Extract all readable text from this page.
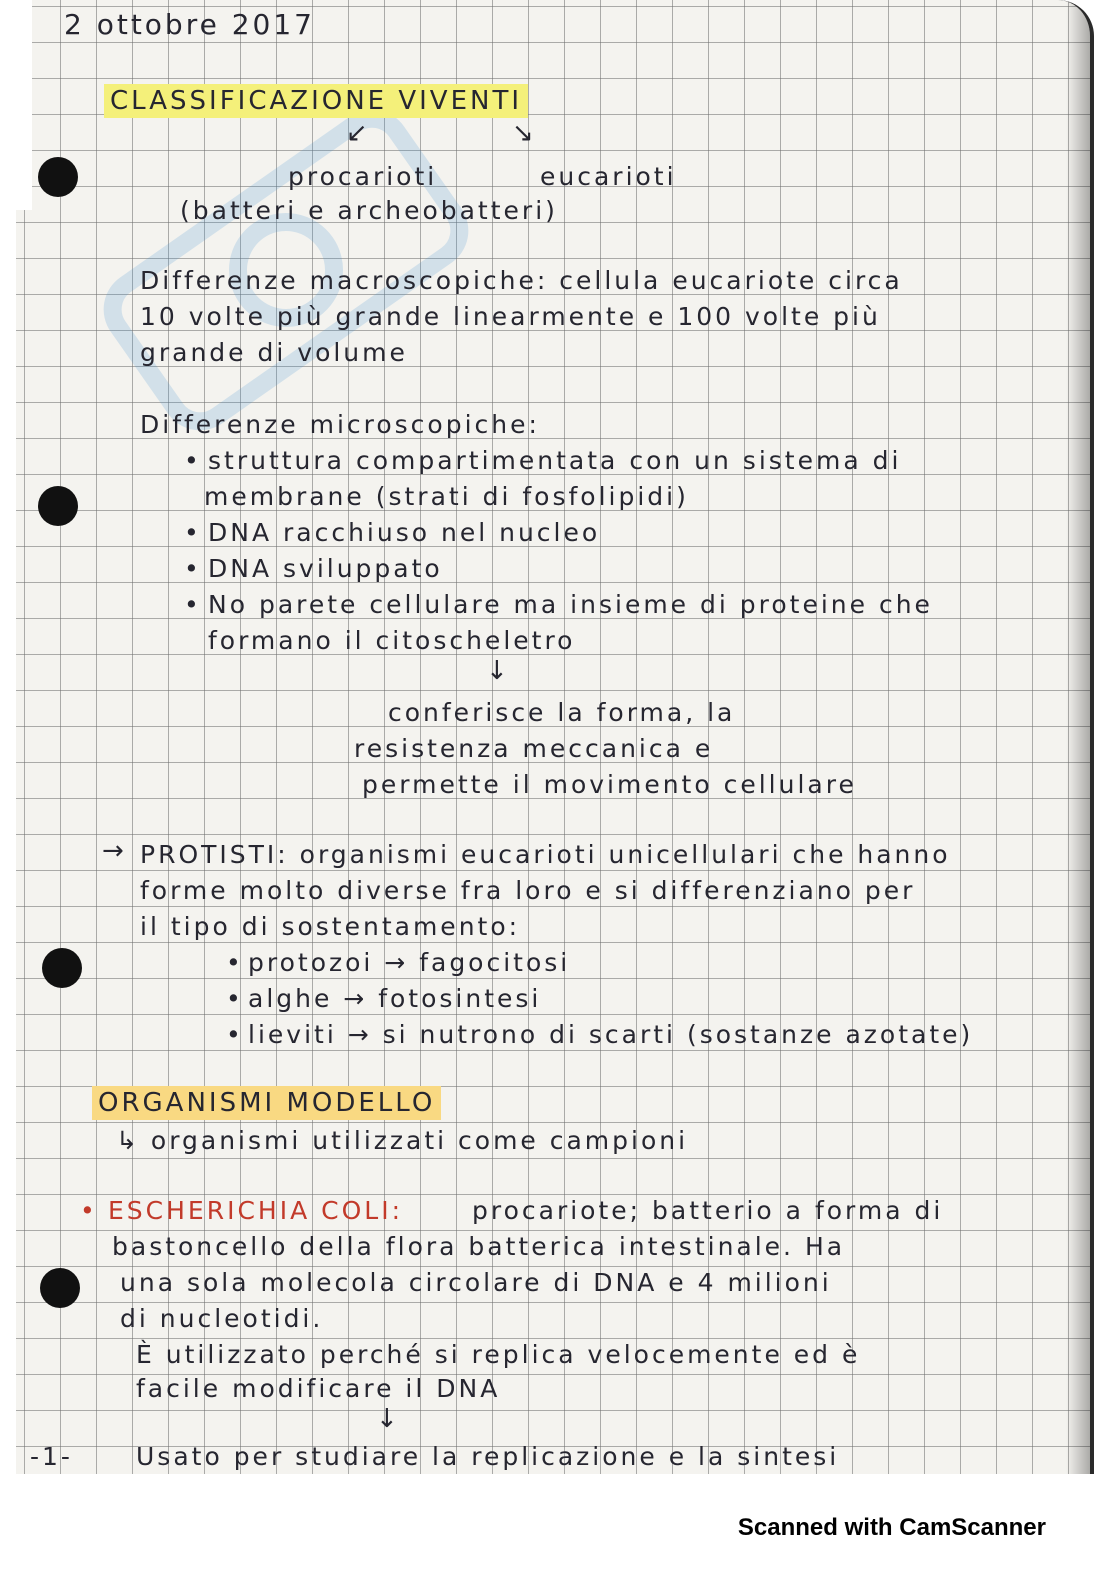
2 ottobre 2017
CLASSIFICAZIONE VIVENTI
↙	↘
procarioti	eucarioti
(batteri e archeobatteri)
Differenze macroscopiche: cellula eucariote circa
10 volte più grande linearmente e 100 volte più
grande di volume
Differenze microscopiche:
• struttura compartimentata con un sistema di
membrane (strati di fosfolipidi)
• DNA racchiuso nel nucleo
• DNA sviluppato
• No parete cellulare ma insieme di proteine che
formano il citoscheletro
↓
conferisce la forma, la
resistenza meccanica e
permette il movimento cellulare
→ PROTISTI: organismi eucarioti unicellulari che hanno
forme molto diverse fra loro e si differenziano per
il tipo di sostentamento:
• protozoi → fagocitosi
• alghe → fotosintesi
• lieviti → si nutrono di scarti (sostanze azotate)
ORGANISMI MODELLO
↳ organismi utilizzati come campioni
• ESCHERICHIA COLI:	procariote; batterio a forma di
bastoncello della flora batterica intestinale. Ha
una sola molecola circolare di DNA e 4 milioni
di nucleotidi.
È utilizzato perché si replica velocemente ed è
facile modificare il DNA
↓
Usato per studiare la replicazione e la sintesi
-1-
Scanned with CamScanner
